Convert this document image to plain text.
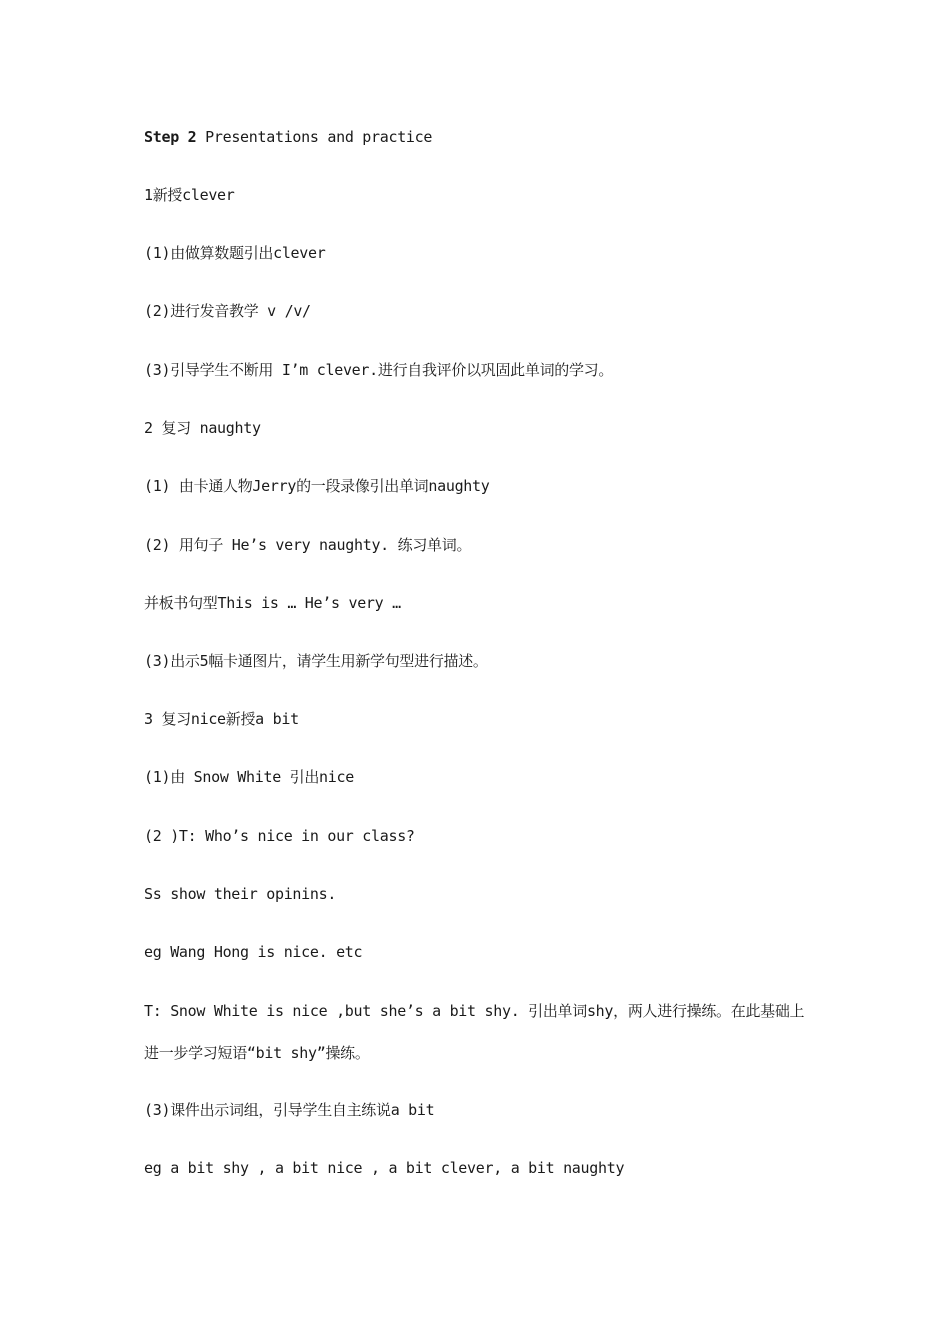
Step 2 Presentations and practice
1新授clever
(1)由做算数题引出clever
(2)进行发音教学 v /v/
(3)引导学生不断用 I’m clever.进行自我评价以巩固此单词的学习。
2 复习 naughty
(1) 由卡通人物Jerry的一段录像引出单词naughty
(2) 用句子 He’s very naughty. 练习单词。
并板书句型This is … He’s very …
(3)出示5幅卡通图片，请学生用新学句型进行描述。
3 复习nice新授a bit
(1)由 Snow White 引出nice
(2 )T: Who’s nice in our class?
Ss show their opinins.
eg Wang Hong is nice. etc
T: Snow White is nice ,but she’s a bit shy. 引出单词shy，两人进行操练。在此基础上进一步学习短语“bit shy”操练。
(3)课件出示词组，引导学生自主练说a bit
eg a bit shy , a bit nice , a bit clever, a bit naughty
